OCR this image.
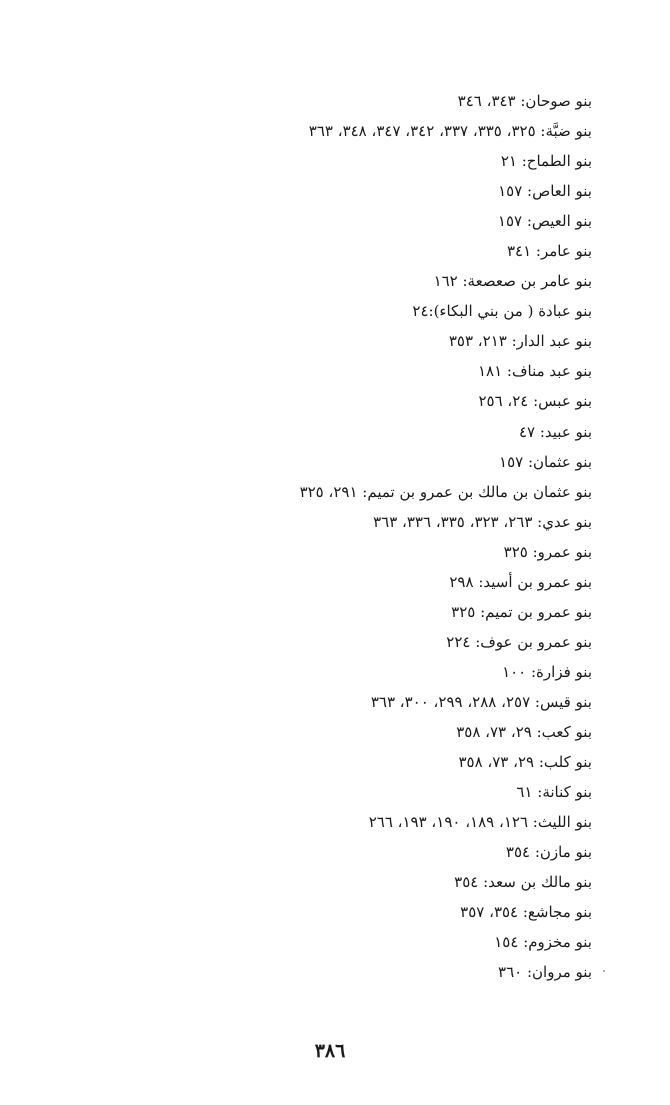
بنو صوحان: ٣٤٣، ٣٤٦
بنو ضبَّة: ٣٢٥، ٣٣٥، ٣٣٧، ٣٤٢، ٣٤٧، ٣٤٨، ٣٦٣
بنو الطماح: ٢١
بنو العاص: ١٥٧
بنو العيص: ١٥٧
بنو عامر: ٣٤١
بنو عامر بن صعصعة: ١٦٢
بنو عبادة ( من بني البكاء):٢٤
بنو عبد الدار: ٢١٣، ٣٥٣
بنو عبد مناف: ١٨١
بنو عبس: ٢٤، ٢٥٦
بنو عبيد: ٤٧
بنو عثمان: ١٥٧
بنو عثمان بن مالك بن عمرو بن تميم: ٢٩١، ٣٢٥
بنو عدي: ٢٦٣، ٣٢٣، ٣٣٥، ٣٣٦، ٣٦٣
بنو عمرو: ٣٢٥
بنو عمرو بن أسيد: ٢٩٨
بنو عمرو بن تميم: ٣٢٥
بنو عمرو بن عوف: ٢٢٤
بنو فزارة: ١٠٠
بنو قيس: ٢٥٧، ٢٨٨، ٢٩٩، ٣٠٠، ٣٦٣
بنو كعب: ٢٩، ٧٣، ٣٥٨
بنو كلب: ٢٩، ٧٣، ٣٥٨
بنو كنانة: ٦١
بنو الليث: ١٢٦، ١٨٩، ١٩٠، ١٩٣، ٢٦٦
بنو مازن: ٣٥٤
بنو مالك بن سعد: ٣٥٤
بنو مجاشع: ٣٥٤، ٣٥٧
بنو مخزوم: ١٥٤
بنو مروان: ٣٦٠
٣٨٦
